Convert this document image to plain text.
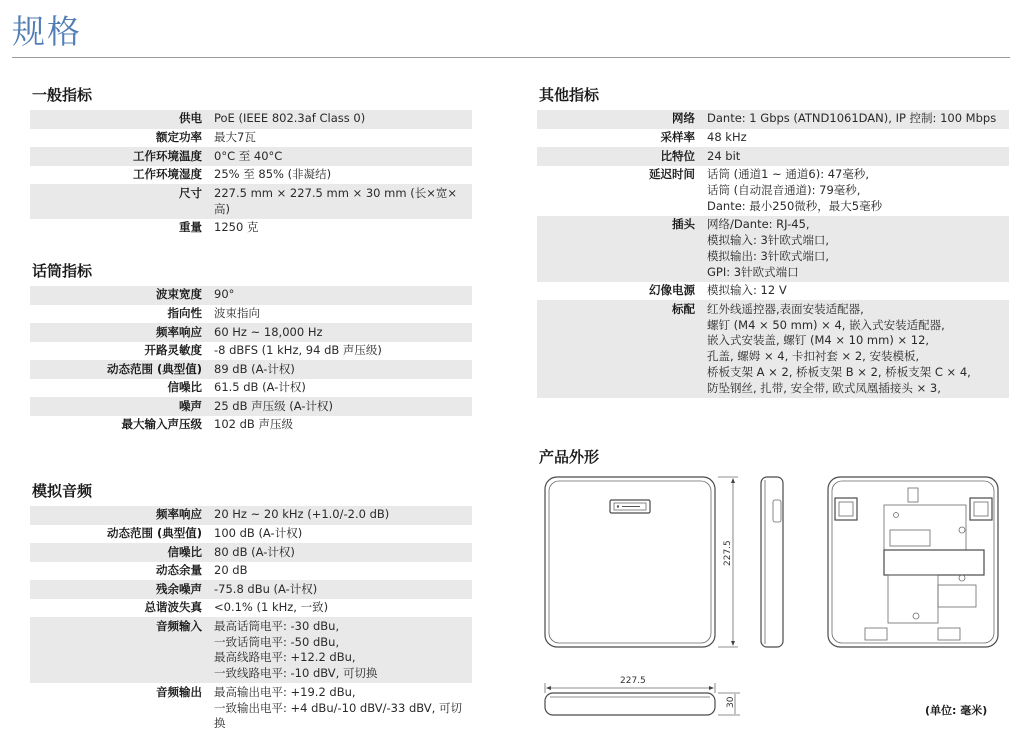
规格
一般指标
供电	PoE (IEEE 802.3af Class 0)
额定功率	最大7瓦
工作环境温度	0°C 至 40°C
工作环境湿度	25% 至 85% (非凝结)
尺寸	227.5 mm × 227.5 mm × 30 mm (长×宽×高)
重量	1250 克
话筒指标
波束宽度	90°
指向性	波束指向
频率响应	60 Hz ~ 18,000 Hz
开路灵敏度	-8 dBFS (1 kHz, 94 dB 声压级)
动态范围 (典型值)	89 dB (A-计权)
信噪比	61.5 dB (A-计权)
噪声	25 dB 声压级 (A-计权)
最大输入声压级	102 dB 声压级
模拟音频
频率响应	20 Hz ~ 20 kHz (+1.0/-2.0 dB)
动态范围 (典型值)	100 dB (A-计权)
信噪比	80 dB (A-计权)
动态余量	20 dB
残余噪声	-75.8 dBu (A-计权)
总谐波失真	<0.1% (1 kHz, 一致)
音频输入	最高话筒电平: -30 dBu,
一致话筒电平: -50 dBu,
最高线路电平: +12.2 dBu,
一致线路电平: -10 dBV, 可切换
音频输出	最高输出电平: +19.2 dBu,
一致输出电平: +4 dBu/-10 dBV/-33 dBV, 可切换
其他指标
网络	Dante: 1 Gbps (ATND1061DAN), IP 控制: 100 Mbps
采样率	48 kHz
比特位	24 bit
延迟时间	话筒 (通道1 ~ 通道6): 47毫秒,
话筒 (自动混音通道): 79毫秒,
Dante: 最小250微秒，最大5毫秒
插头	网络/Dante: RJ-45,
模拟输入: 3针欧式端口,
模拟输出: 3针欧式端口,
GPI: 3针欧式端口
幻像电源	模拟输入: 12 V
标配	红外线遥控器,表面安装适配器,
螺钉 (M4 × 50 mm) × 4, 嵌入式安装适配器,
嵌入式安装盖, 螺钉 (M4 × 10 mm) × 12,
孔盖, 螺姆 × 4, 卡扣衬套 × 2, 安装模板,
桥板支架 A × 2, 桥板支架 B × 2, 桥板支架 C × 4,
防坠钢丝, 扎带, 安全带, 欧式凤凰插接头 × 3,
产品外形
227.5
227.5
30
(单位: 毫米)
